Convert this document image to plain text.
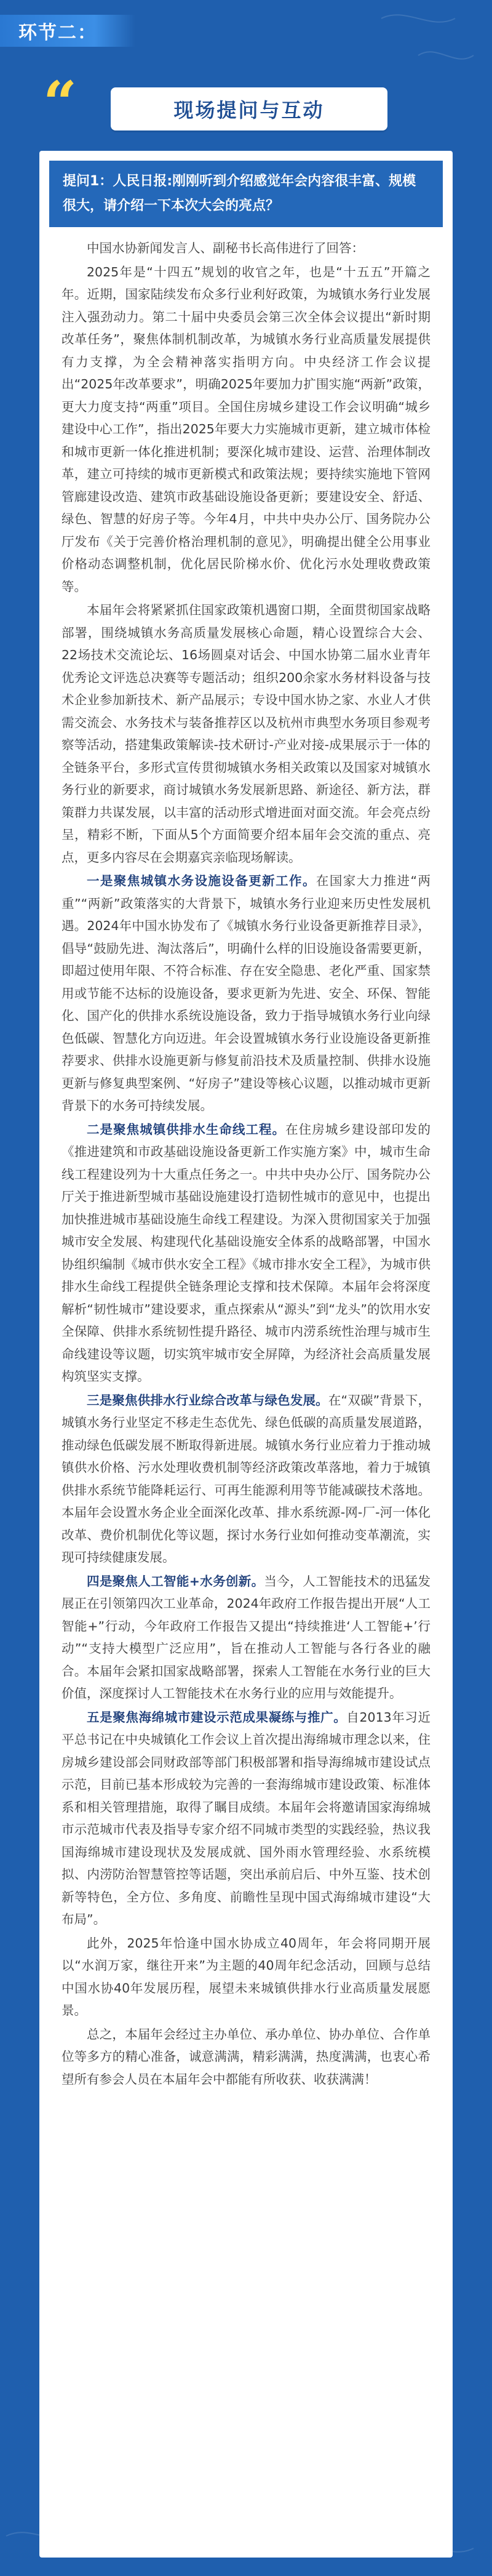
环节二：
“	现场提问与互动
提问1：人民日报:刚刚听到介绍感觉年会内容很丰富、规模很大，请介绍一下本次大会的亮点？

中国水协新闻发言人、副秘书长高伟进行了回答：

2025年是“十四五”规划的收官之年，也是“十五五”开篇之年。近期，国家陆续发布众多行业利好政策，为城镇水务行业发展注入强劲动力。第二十届中央委员会第三次全体会议提出“新时期改革任务”，聚焦体制机制改革，为城镇水务行业高质量发展提供有力支撑，为全会精神落实指明方向。中央经济工作会议提出“2025年改革要求”，明确2025年要加力扩围实施“两新”政策，更大力度支持“两重”项目。全国住房城乡建设工作会议明确“城乡建设中心工作”，指出2025年要大力实施城市更新，建立城市体检和城市更新一体化推进机制；要深化城市建设、运营、治理体制改革，建立可持续的城市更新模式和政策法规；要持续实施地下管网管廊建设改造、建筑市政基础设施设备更新；要建设安全、舒适、绿色、智慧的好房子等。今年4月，中共中央办公厅、国务院办公厅发布《关于完善价格治理机制的意见》，明确提出健全公用事业价格动态调整机制，优化居民阶梯水价、优化污水处理收费政策等。

本届年会将紧紧抓住国家政策机遇窗口期，全面贯彻国家战略部署，围绕城镇水务高质量发展核心命题，精心设置综合大会、22场技术交流论坛、16场圆桌对话会、中国水协第二届水业青年优秀论文评选总决赛等专题活动；组织200余家水务材料设备与技术企业参加新技术、新产品展示；专设中国水协之家、水业人才供需交流会、水务技术与装备推荐区以及杭州市典型水务项目参观考察等活动，搭建集政策解读-技术研讨-产业对接-成果展示于一体的全链条平台，多形式宣传贯彻城镇水务相关政策以及国家对城镇水务行业的新要求，商讨城镇水务发展新思路、新途径、新方法，群策群力共谋发展，以丰富的活动形式增进面对面交流。年会亮点纷呈，精彩不断，下面从5个方面简要介绍本届年会交流的重点、亮点，更多内容尽在会期嘉宾亲临现场解读。

一是聚焦城镇水务设施设备更新工作。在国家大力推进“两重”“两新”政策落实的大背景下，城镇水务行业迎来历史性发展机遇。2024年中国水协发布了《城镇水务行业设备更新推荐目录》，倡导“鼓励先进、淘汰落后”，明确什么样的旧设施设备需要更新，即超过使用年限、不符合标准、存在安全隐患、老化严重、国家禁用或节能不达标的设施设备，要求更新为先进、安全、环保、智能化、国产化的供排水系统设施设备，致力于指导城镇水务行业向绿色低碳、智慧化方向迈进。年会设置城镇水务行业设施设备更新推荐要求、供排水设施更新与修复前沿技术及质量控制、供排水设施更新与修复典型案例、“好房子”建设等核心议题，以推动城市更新背景下的水务可持续发展。

二是聚焦城镇供排水生命线工程。在住房城乡建设部印发的《推进建筑和市政基础设施设备更新工作实施方案》中，城市生命线工程建设列为十大重点任务之一。中共中央办公厅、国务院办公厅关于推进新型城市基础设施建设打造韧性城市的意见中，也提出加快推进城市基础设施生命线工程建设。为深入贯彻国家关于加强城市安全发展、构建现代化基础设施安全体系的战略部署，中国水协组织编制《城市供水安全工程》《城市排水安全工程》，为城市供排水生命线工程提供全链条理论支撑和技术保障。本届年会将深度解析“韧性城市”建设要求，重点探索从“源头”到“龙头”的饮用水安全保障、供排水系统韧性提升路径、城市内涝系统性治理与城市生命线建设等议题，切实筑牢城市安全屏障，为经济社会高质量发展构筑坚实支撑。

三是聚焦供排水行业综合改革与绿色发展。在“双碳”背景下，城镇水务行业坚定不移走生态优先、绿色低碳的高质量发展道路，推动绿色低碳发展不断取得新进展。城镇水务行业应着力于推动城镇供水价格、污水处理收费机制等经济政策改革落地，着力于城镇供排水系统节能降耗运行、可再生能源利用等节能减碳技术落地。本届年会设置水务企业全面深化改革、排水系统源-网-厂-河一体化改革、费价机制优化等议题，探讨水务行业如何推动变革潮流，实现可持续健康发展。

四是聚焦人工智能+水务创新。当今，人工智能技术的迅猛发展正在引领第四次工业革命，2024年政府工作报告提出开展“人工智能+”行动，今年政府工作报告又提出“持续推进‘人工智能+’行动”“支持大模型广泛应用”，旨在推动人工智能与各行各业的融合。本届年会紧扣国家战略部署，探索人工智能在水务行业的巨大价值，深度探讨人工智能技术在水务行业的应用与效能提升。

五是聚焦海绵城市建设示范成果凝练与推广。自2013年习近平总书记在中央城镇化工作会议上首次提出海绵城市理念以来，住房城乡建设部会同财政部等部门积极部署和指导海绵城市建设试点示范，目前已基本形成较为完善的一套海绵城市建设政策、标准体系和相关管理措施，取得了瞩目成绩。本届年会将邀请国家海绵城市示范城市代表及指导专家介绍不同城市类型的实践经验，热议我国海绵城市建设现状及发展成就、国外雨水管理经验、水系统模拟、内涝防治智慧管控等话题，突出承前启后、中外互鉴、技术创新等特色，全方位、多角度、前瞻性呈现中国式海绵城市建设“大布局”。

此外，2025年恰逢中国水协成立40周年，年会将同期开展以“水润万家，继往开来”为主题的40周年纪念活动，回顾与总结中国水协40年发展历程，展望未来城镇供排水行业高质量发展愿景。

总之，本届年会经过主办单位、承办单位、协办单位、合作单位等多方的精心准备，诚意满满，精彩满满，热度满满，也衷心希望所有参会人员在本届年会中都能有所收获、收获满满！
